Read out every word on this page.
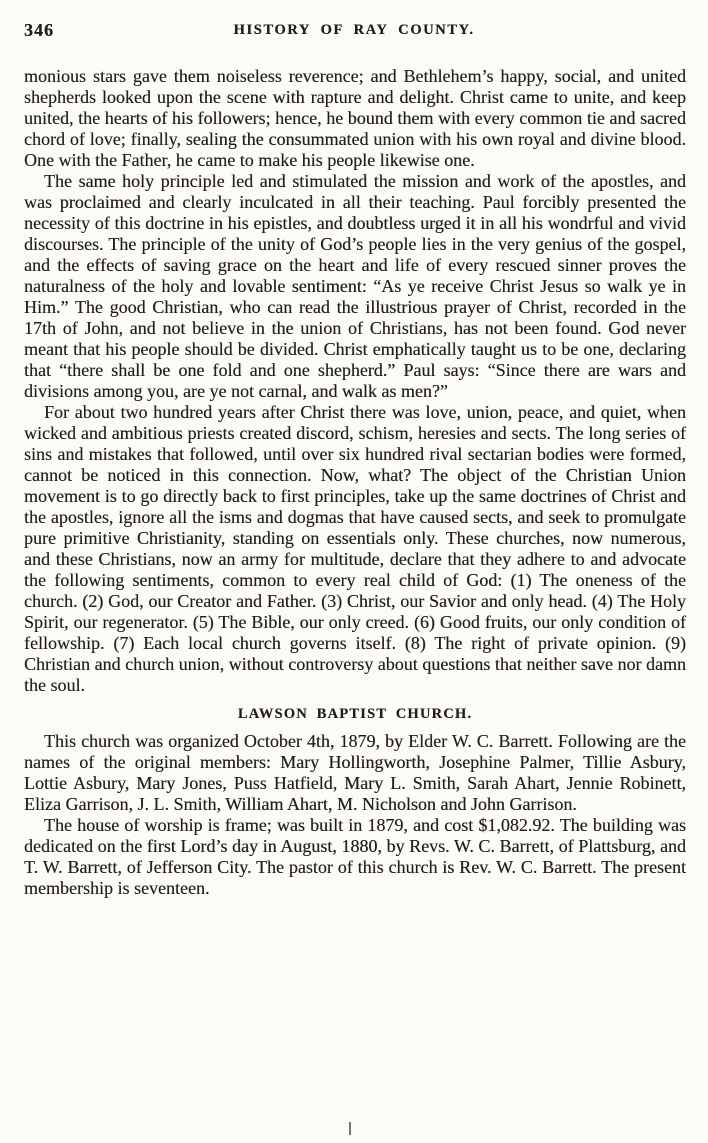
346	HISTORY OF RAY COUNTY.

monious stars gave them noiseless reverence; and Bethlehem’s happy, social, and united shepherds looked upon the scene with rapture and delight. Christ came to unite, and keep united, the hearts of his followers; hence, he bound them with every common tie and sacred chord of love; finally, sealing the consummated union with his own royal and divine blood. One with the Father, he came to make his people likewise one.

The same holy principle led and stimulated the mission and work of the apostles, and was proclaimed and clearly inculcated in all their teaching. Paul forcibly presented the necessity of this doctrine in his epistles, and doubtless urged it in all his wondrful and vivid discourses. The principle of the unity of God’s people lies in the very genius of the gospel, and the effects of saving grace on the heart and life of every rescued sinner proves the naturalness of the holy and lovable sentiment: “As ye receive Christ Jesus so walk ye in Him.” The good Christian, who can read the illustrious prayer of Christ, recorded in the 17th of John, and not believe in the union of Christians, has not been found. God never meant that his people should be divided. Christ emphatically taught us to be one, declaring that “there shall be one fold and one shepherd.” Paul says: “Since there are wars and divisions among you, are ye not carnal, and walk as men?”

For about two hundred years after Christ there was love, union, peace, and quiet, when wicked and ambitious priests created discord, schism, heresies and sects. The long series of sins and mistakes that followed, until over six hundred rival sectarian bodies were formed, cannot be noticed in this connection. Now, what? The object of the Christian Union movement is to go directly back to first principles, take up the same doctrines of Christ and the apostles, ignore all the isms and dogmas that have caused sects, and seek to promulgate pure primitive Christianity, standing on essentials only. These churches, now numerous, and these Christians, now an army for multitude, declare that they adhere to and advocate the following sentiments, common to every real child of God: (1) The oneness of the church. (2) God, our Creator and Father. (3) Christ, our Savior and only head. (4) The Holy Spirit, our regenerator. (5) The Bible, our only creed. (6) Good fruits, our only condition of fellowship. (7) Each local church governs itself. (8) The right of private opinion. (9) Christian and church union, without controversy about questions that neither save nor damn the soul.

LAWSON BAPTIST CHURCH.

This church was organized October 4th, 1879, by Elder W. C. Barrett. Following are the names of the original members: Mary Hollingworth, Josephine Palmer, Tillie Asbury, Lottie Asbury, Mary Jones, Puss Hatfield, Mary L. Smith, Sarah Ahart, Jennie Robinett, Eliza Garrison, J. L. Smith, William Ahart, M. Nicholson and John Garrison.

The house of worship is frame; was built in 1879, and cost $1,082.92. The building was dedicated on the first Lord’s day in August, 1880, by Revs. W. C. Barrett, of Plattsburg, and T. W. Barrett, of Jefferson City. The pastor of this church is Rev. W. C. Barrett. The present membership is seventeen.
